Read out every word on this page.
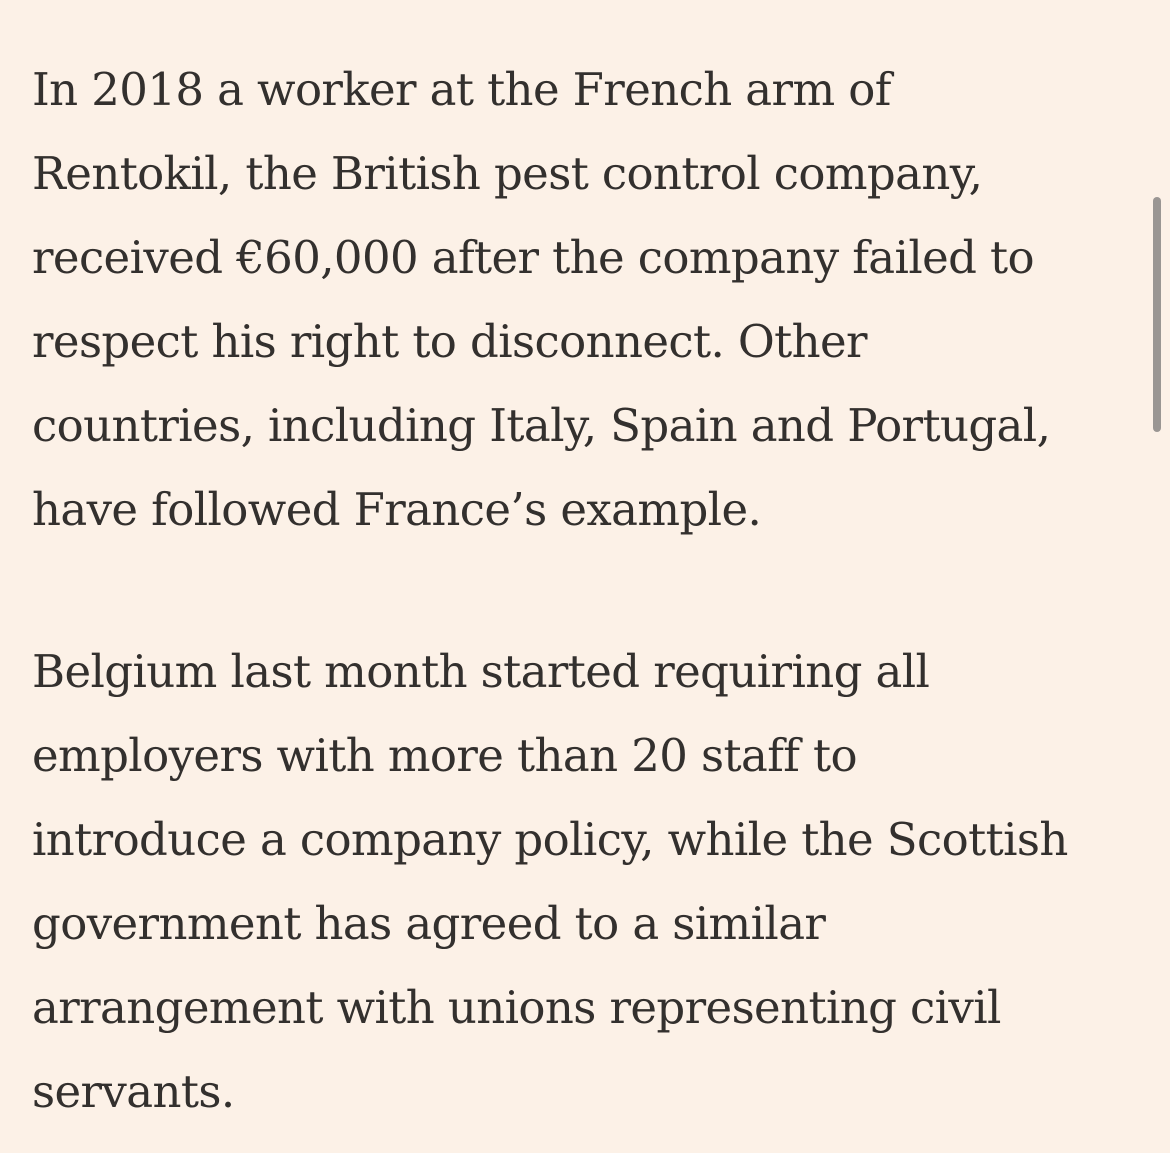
In 2018 a worker at the French arm of
Rentokil, the British pest control company,
received €60,000 after the company failed to
respect his right to disconnect. Other
countries, including Italy, Spain and Portugal,
have followed France’s example.
Belgium last month started requiring all
employers with more than 20 staff to
introduce a company policy, while the Scottish
government has agreed to a similar
arrangement with unions representing civil
servants.
